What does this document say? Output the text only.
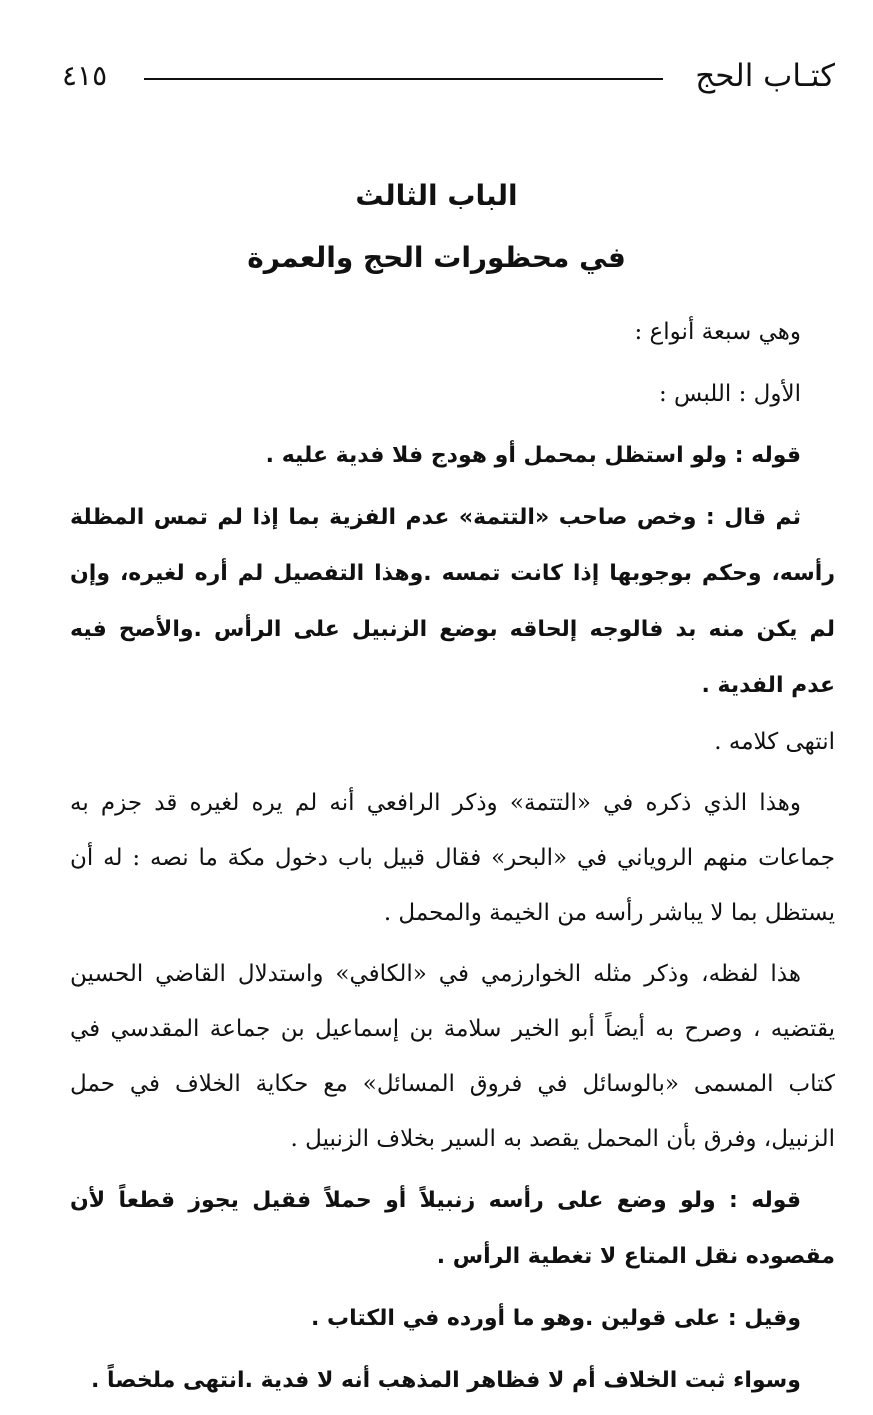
كتـاب الحج
٤١٥
الباب الثالث
في محظورات الحج والعمرة

وهي سبعة أنواع :

الأول : اللبس :

قوله : ولو استظل بمحمل أو هودج فلا فدية عليه .

ثم قال : وخص صاحب «التتمة» عدم الفزية بما إذا لم تمس المظلة رأسه، وحكم بوجوبها إذا كانت تمسه .وهذا التفصيل لم أره لغيره، وإن لم يكن منه بد فالوجه إلحاقه بوضع الزنبيل على الرأس .والأصح فيه عدم الفدية .

انتهى كلامه .

وهذا الذي ذكره في «التتمة» وذكر الرافعي أنه لم يره لغيره قد جزم به جماعات منهم الروياني في «البحر» فقال قبيل باب دخول مكة ما نصه : له أن يستظل بما لا يباشر رأسه من الخيمة والمحمل .

هذا لفظه، وذكر مثله الخوارزمي في «الكافي» واستدلال القاضي الحسين يقتضيه ، وصرح به أيضاً أبو الخير سلامة بن إسماعيل بن جماعة المقدسي في كتاب المسمى «بالوسائل في فروق المسائل» مع حكاية الخلاف في حمل الزنبيل، وفرق بأن المحمل يقصد به السير بخلاف الزنبيل .

قوله : ولو وضع على رأسه زنبيلاً أو حملاً فقيل يجوز قطعاً لأن مقصوده نقل المتاع لا تغطية الرأس .

وقيل : على قولين .وهو ما أورده في الكتاب .

وسواء ثبت الخلاف أم لا فظاهر المذهب أنه لا فدية .انتهى ملخصاً .
